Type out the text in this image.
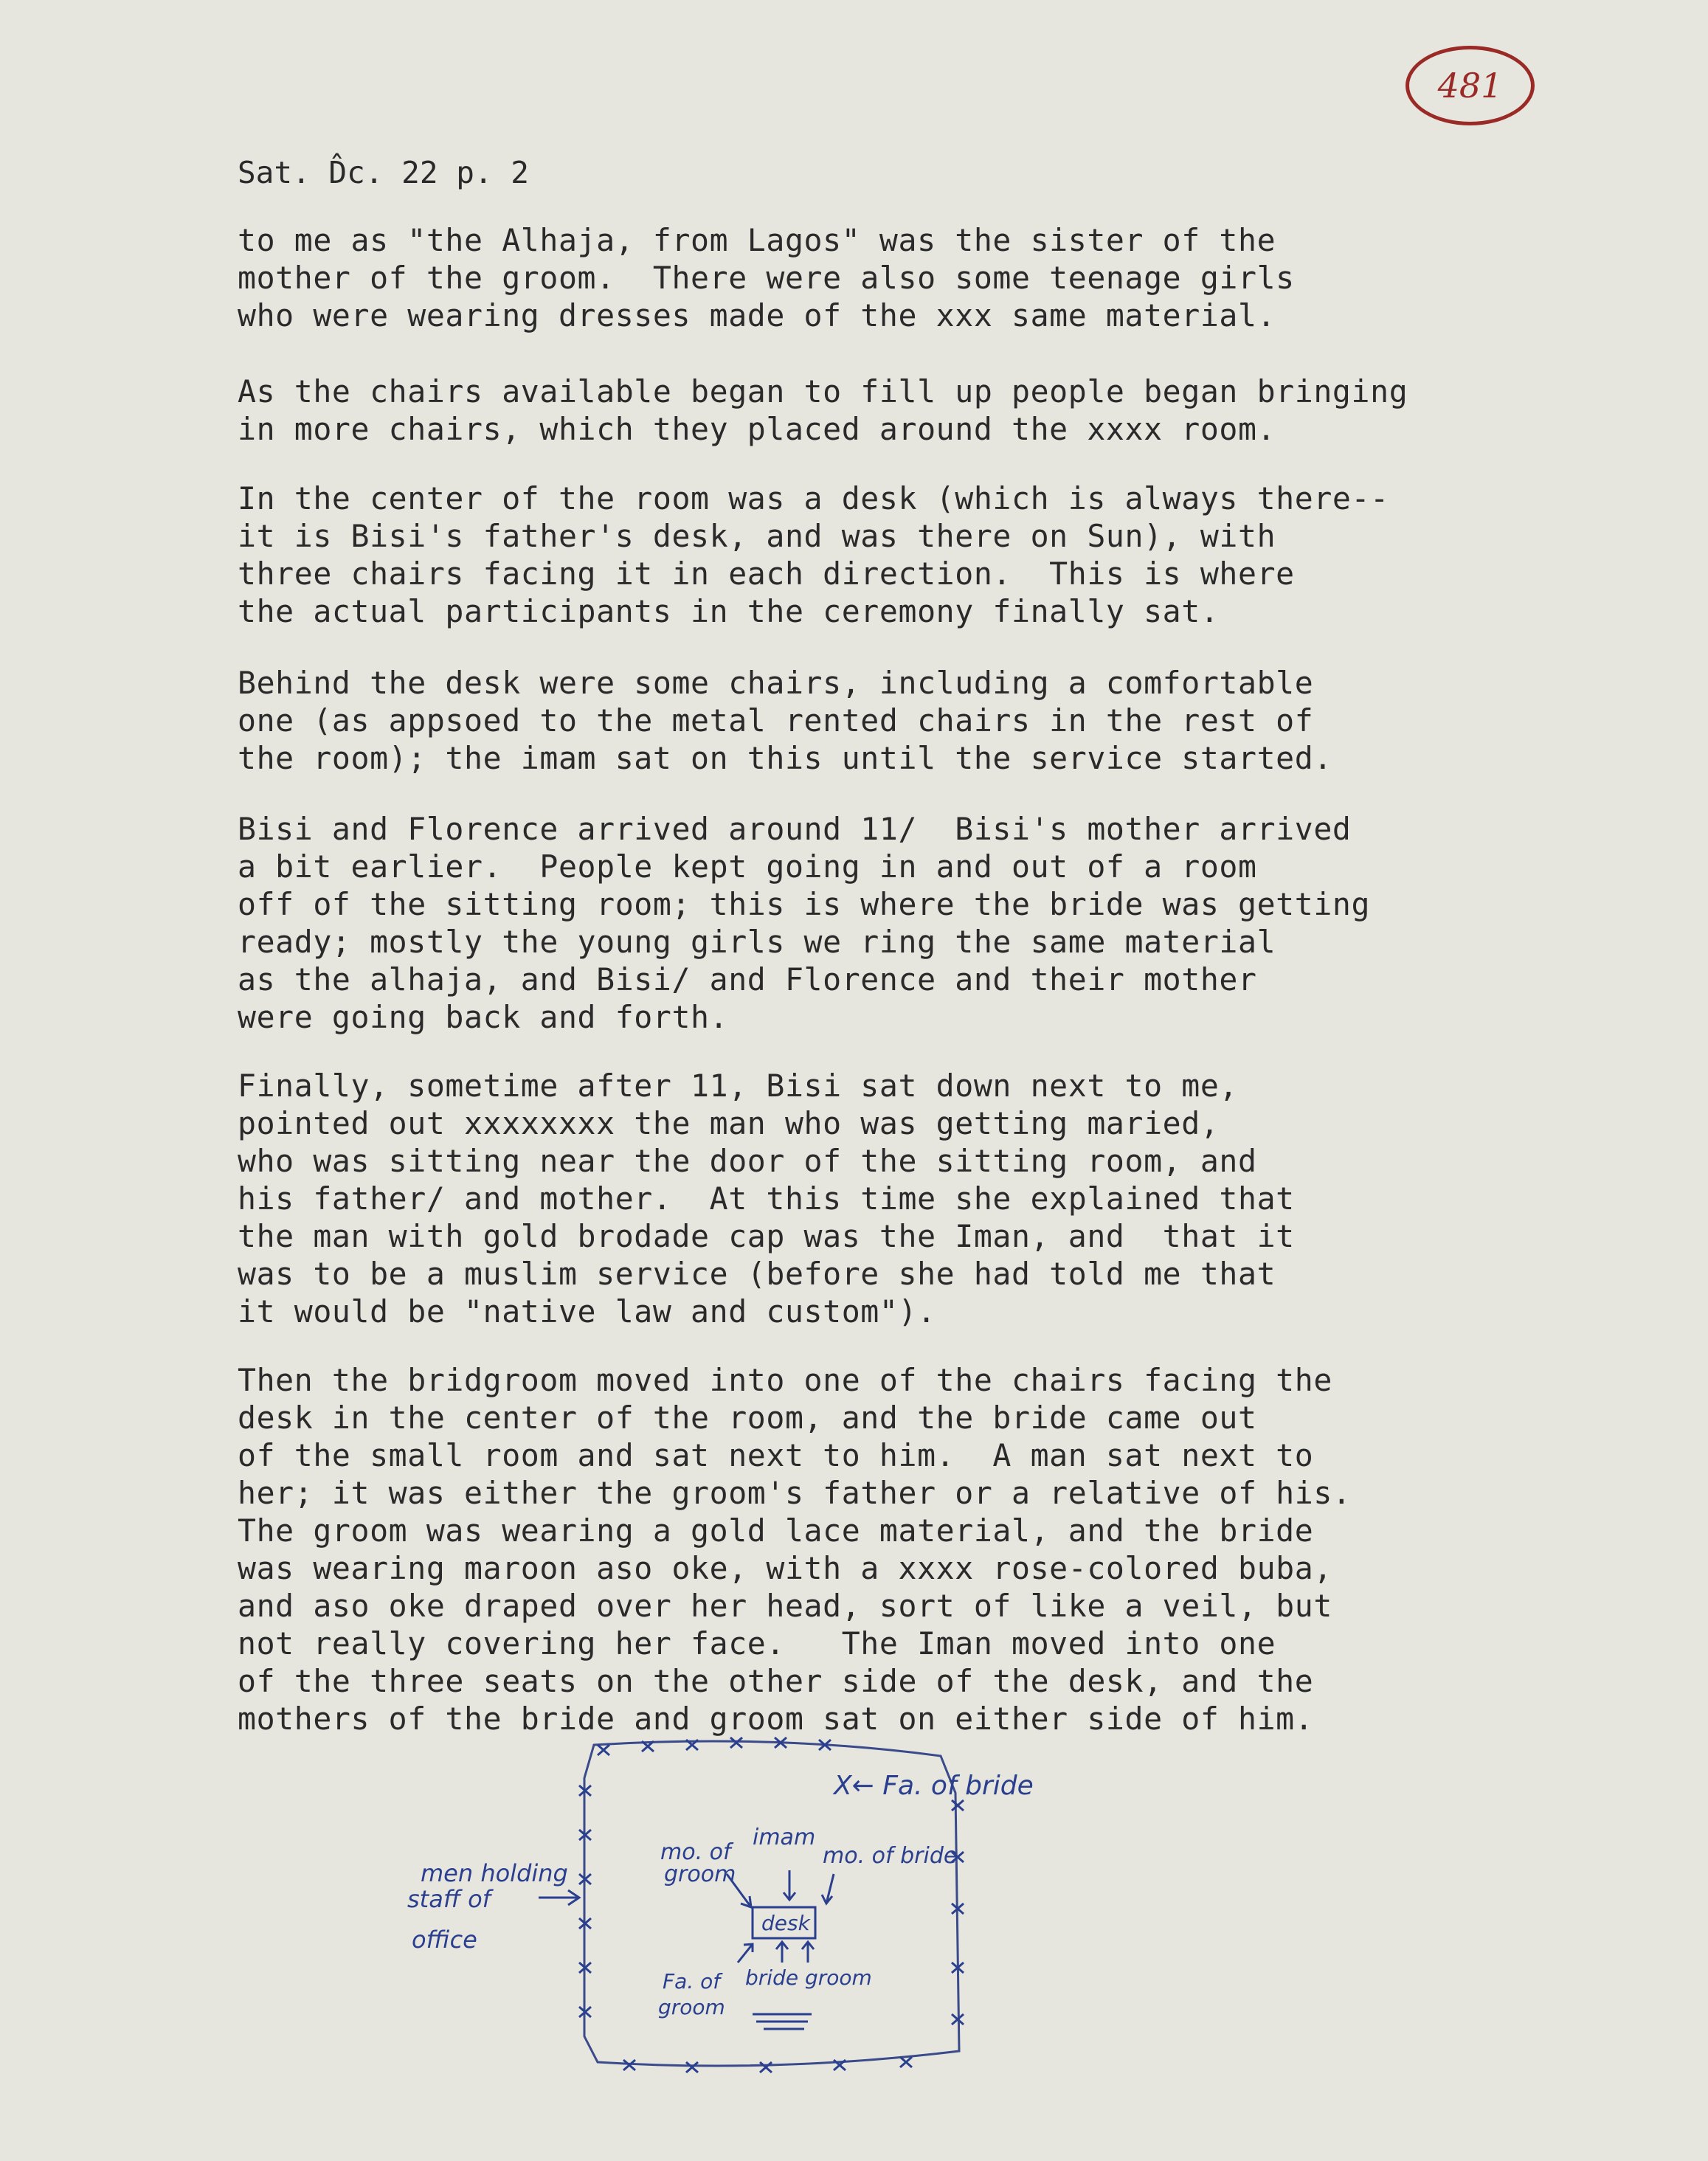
481
Sat. D̂c. 22 p. 2
to me as "the Alhaja, from Lagos" was the sister of the
mother of the groom.  There were also some teenage girls
who were wearing dresses made of the xxx same material.
As the chairs available began to fill up people began bringing
in more chairs, which they placed around the xxxx room.
In the center of the room was a desk (which is always there--
it is Bisi's father's desk, and was there on Sun), with
three chairs facing it in each direction.  This is where
the actual participants in the ceremony finally sat.
Behind the desk were some chairs, including a comfortable
one (as appsoed to the metal rented chairs in the rest of
the room); the imam sat on this until the service started.
Bisi and Florence arrived around 11/  Bisi's mother arrived
a bit earlier.  People kept going in and out of a room
off of the sitting room; this is where the bride was getting
ready; mostly the young girls we ring the same material
as the alhaja, and Bisi/ and Florence and their mother
were going back and forth.
Finally, sometime after 11, Bisi sat down next to me,
pointed out xxxxxxxx the man who was getting maried,
who was sitting near the door of the sitting room, and
his father/ and mother.  At this time she explained that
the man with gold brodade cap was the Iman, and  that it
was to be a muslim service (before she had told me that
it would be "native law and custom").
Then the bridgroom moved into one of the chairs facing the
desk in the center of the room, and the bride came out
of the small room and sat next to him.  A man sat next to
her; it was either the groom's father or a relative of his.
The groom was wearing a gold lace material, and the bride
was wearing maroon aso oke, with a xxxx rose-colored buba,
and aso oke draped over her head, sort of like a veil, but
not really covering her face.   The Iman moved into one
of the three seats on the other side of the desk, and the
mothers of the bride and groom sat on either side of him.
desk
X← Fa. of bride
men holding
staff of
office
mo. of
groom
imam
mo. of bride
Fa. of
groom
bride groom
